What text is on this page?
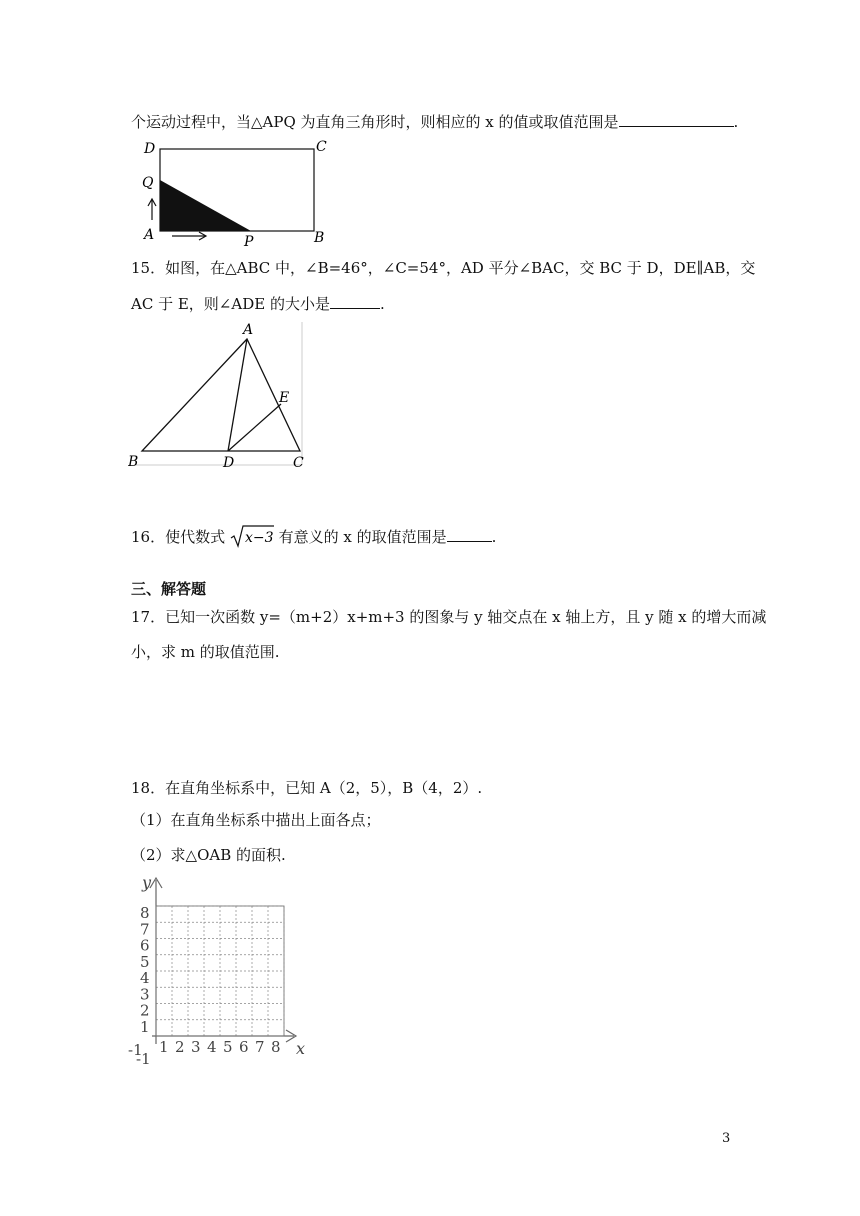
个运动过程中，当△APQ 为直角三角形时，则相应的 x 的值或取值范围是	.
D	C
Q
A	P	B
15．如图，在△ABC 中，∠B=46°，∠C=54°，AD 平分∠BAC，交 BC 于 D，DE∥AB，交
AC 于 E，则∠ADE 的大小是	.
A
B	D	C
E
16．使代数式 x−3 有意义的 x 的取值范围是	.
三、解答题
17．已知一次函数 y=（m+2）x+m+3 的图象与 y 轴交点在 x 轴上方，且 y 随 x 的增大而减
小，求 m 的取值范围.
18．在直角坐标系中，已知 A（2，5），B（4，2）.
（1）在直角坐标系中描出上面各点；
（2）求△OAB 的面积.
y
x
-1
-1
1 2 3 4 5 6 7 8
1
2
3
4
5
6
7
8
3
